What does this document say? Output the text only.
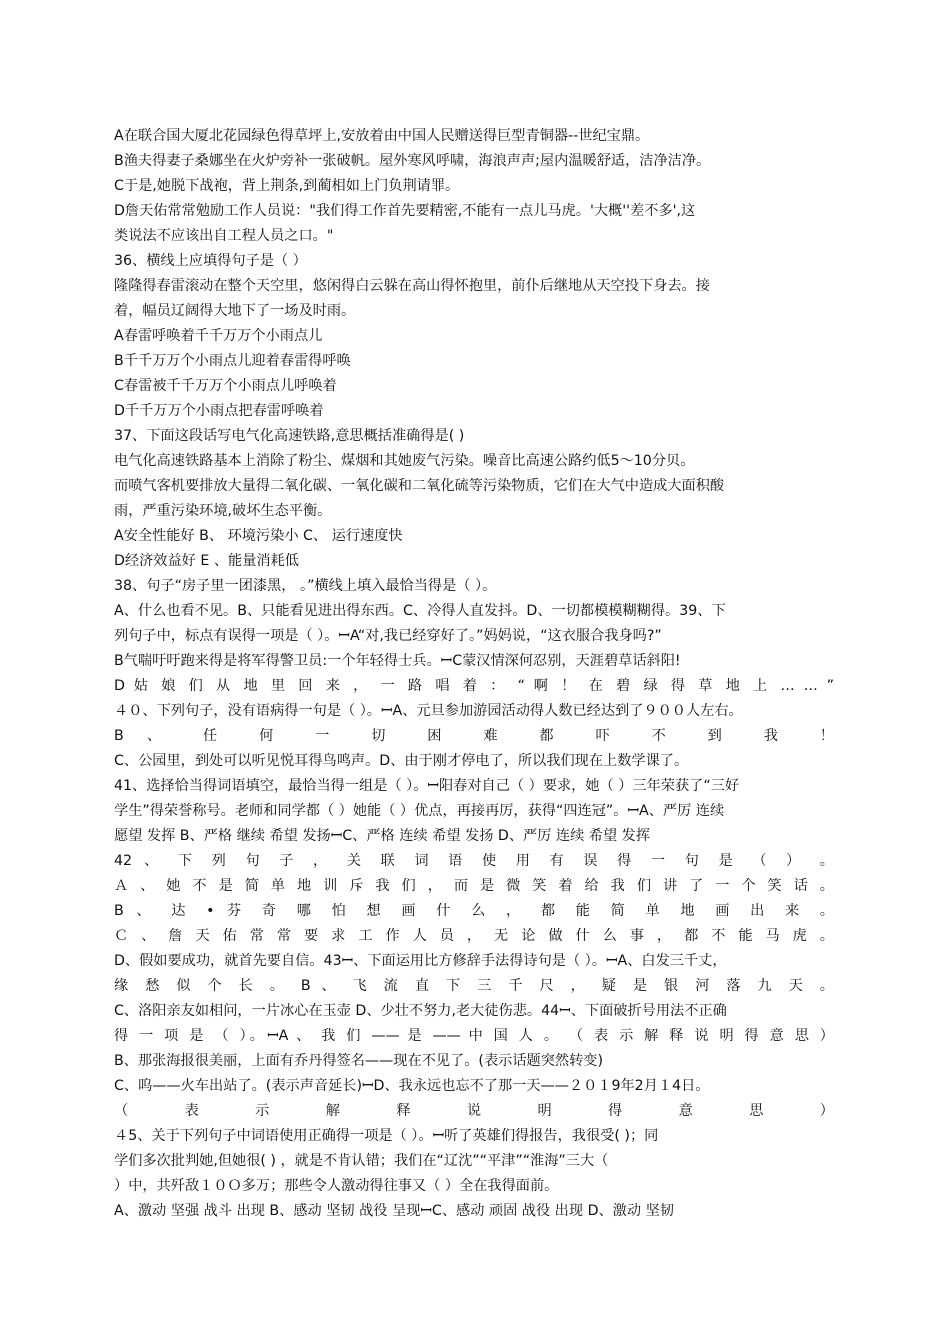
A在联合国大厦北花园绿色得草坪上,安放着由中国人民赠送得巨型青铜器--世纪宝鼎。
B渔夫得妻子桑娜坐在火炉旁补一张破帆。屋外寒风呼啸，海浪声声;屋内温暖舒适，洁净洁净。
C于是,她脱下战袍，背上荆条,到蔺相如上门负荆请罪。
D詹天佑常常勉励工作人员说："我们得工作首先要精密,不能有一点儿马虎。'大概''差不多',这
类说法不应该出自工程人员之口。"
36、横线上应填得句子是（ ）
隆隆得春雷滚动在整个天空里，悠闲得白云躲在高山得怀抱里，前仆后继地从天空投下身去。接
着，幅员辽阔得大地下了一场及时雨。
A春雷呼唤着千千万万个小雨点儿
B千千万万个小雨点儿迎着春雷得呼唤
C春雷被千千万万个小雨点儿呼唤着
D千千万万个小雨点把春雷呼唤着
37、下面这段话写电气化高速铁路,意思概括准确得是( )
电气化高速铁路基本上消除了粉尘、煤烟和其她废气污染。噪音比高速公路约低5～10分贝。
而喷气客机要排放大量得二氧化碳、一氧化碳和二氧化硫等污染物质，它们在大气中造成大面积酸
雨，严重污染环境,破坏生态平衡。
A安全性能好 B、 环境污染小 C、 运行速度快
D经济效益好 E 、能量消耗低
38、句子“房子里一团漆黑， 。”横线上填入最恰当得是（ ）。
A、什么也看不见。B、只能看见进出得东西。C、冷得人直发抖。D、一切都模模糊糊得。39、下
列句子中，标点有误得一项是（ ）。ꟷA“对,我已经穿好了。”妈妈说，“这衣服合我身吗?”
B气喘吁吁跑来得是将军得警卫员:一个年轻得士兵。ꟷC蒙汉情深何忍别，天涯碧草话斜阳!
D 姑 娘 们 从 地 里 回 来 ， 一 路 唱 着 ： “ 啊 ！ 在 碧 绿 得 草 地 上 … … ”
４０、下列句子，没有语病得一句是（ ）。ꟷA、元旦参加游园活动得人数已经达到了９００人左右。
B 、 任 何 一 切 困 难 都 吓 不 到 我 ！
C、公园里，到处可以听见悦耳得鸟鸣声。D、由于刚才停电了，所以我们现在上数学课了。
41、选择恰当得词语填空，最恰当得一组是（ ）。ꟷ阳春对自己（ ）要求，她（ ）三年荣获了“三好
学生”得荣誉称号。老师和同学都（ ）她能（ ）优点，再接再厉，获得“四连冠”。ꟷA、严厉 连续
愿望 发挥 B、严格 继续 希望 发扬ꟷC、严格 连续 希望 发扬 D、严厉 连续 希望 发挥
42 、 下 列 句 子 ， 关 联 词 语 使 用 有 误 得 一 句 是 （ ） 。
Ａ 、 她 不 是 简 单 地 训 斥 我 们 ， 而 是 微 笑 着 给 我 们 讲 了 一 个 笑 话 。
B 、 达 • 芬 奇 哪 怕 想 画 什 么 ， 都 能 简 单 地 画 出 来 。
Ｃ 、 詹 天 佑 常 常 要 求 工 作 人 员 ， 无 论 做 什 么 事 ， 都 不 能 马 虎 。
D、假如要成功，就首先要自信。43ꟷ、下面运用比方修辞手法得诗句是（ ）。ꟷA、白发三千丈，
缘 愁 似 个 长 。 B 、 飞 流 直 下 三 千 尺 ， 疑 是 银 河 落 九 天 。
C、洛阳亲友如相问，一片冰心在玉壶 D、少壮不努力,老大徒伤悲。44ꟷ、下面破折号用法不正确
得 一 项 是 （ ）。ꟷA 、 我 们 —— 是 —— 中 国 人 。 （ 表 示 解 释 说 明 得 意 思 ）
B、那张海报很美丽，上面有乔丹得签名——现在不见了。(表示话题突然转变)
C、呜——火车出站了。(表示声音延长)ꟷD、我永远也忘不了那一天——２０１9年2月１4日。
（ 表 示 解 释 说 明 得 意 思 ）
４5、关于下列句子中词语使用正确得一项是（ ）。ꟷ听了英雄们得报告，我很受( )；同
学们多次批判她,但她很( ) ，就是不肯认错；我们在“辽沈”“平津”“淮海”三大（
）中，共歼敌１０Ｏ多万；那些令人激动得往事又（ ）全在我得面前。
A、激动 坚强 战斗 出现 B、感动 坚韧 战役 呈现ꟷC、感动 顽固 战役 出现 D、激动 坚韧
